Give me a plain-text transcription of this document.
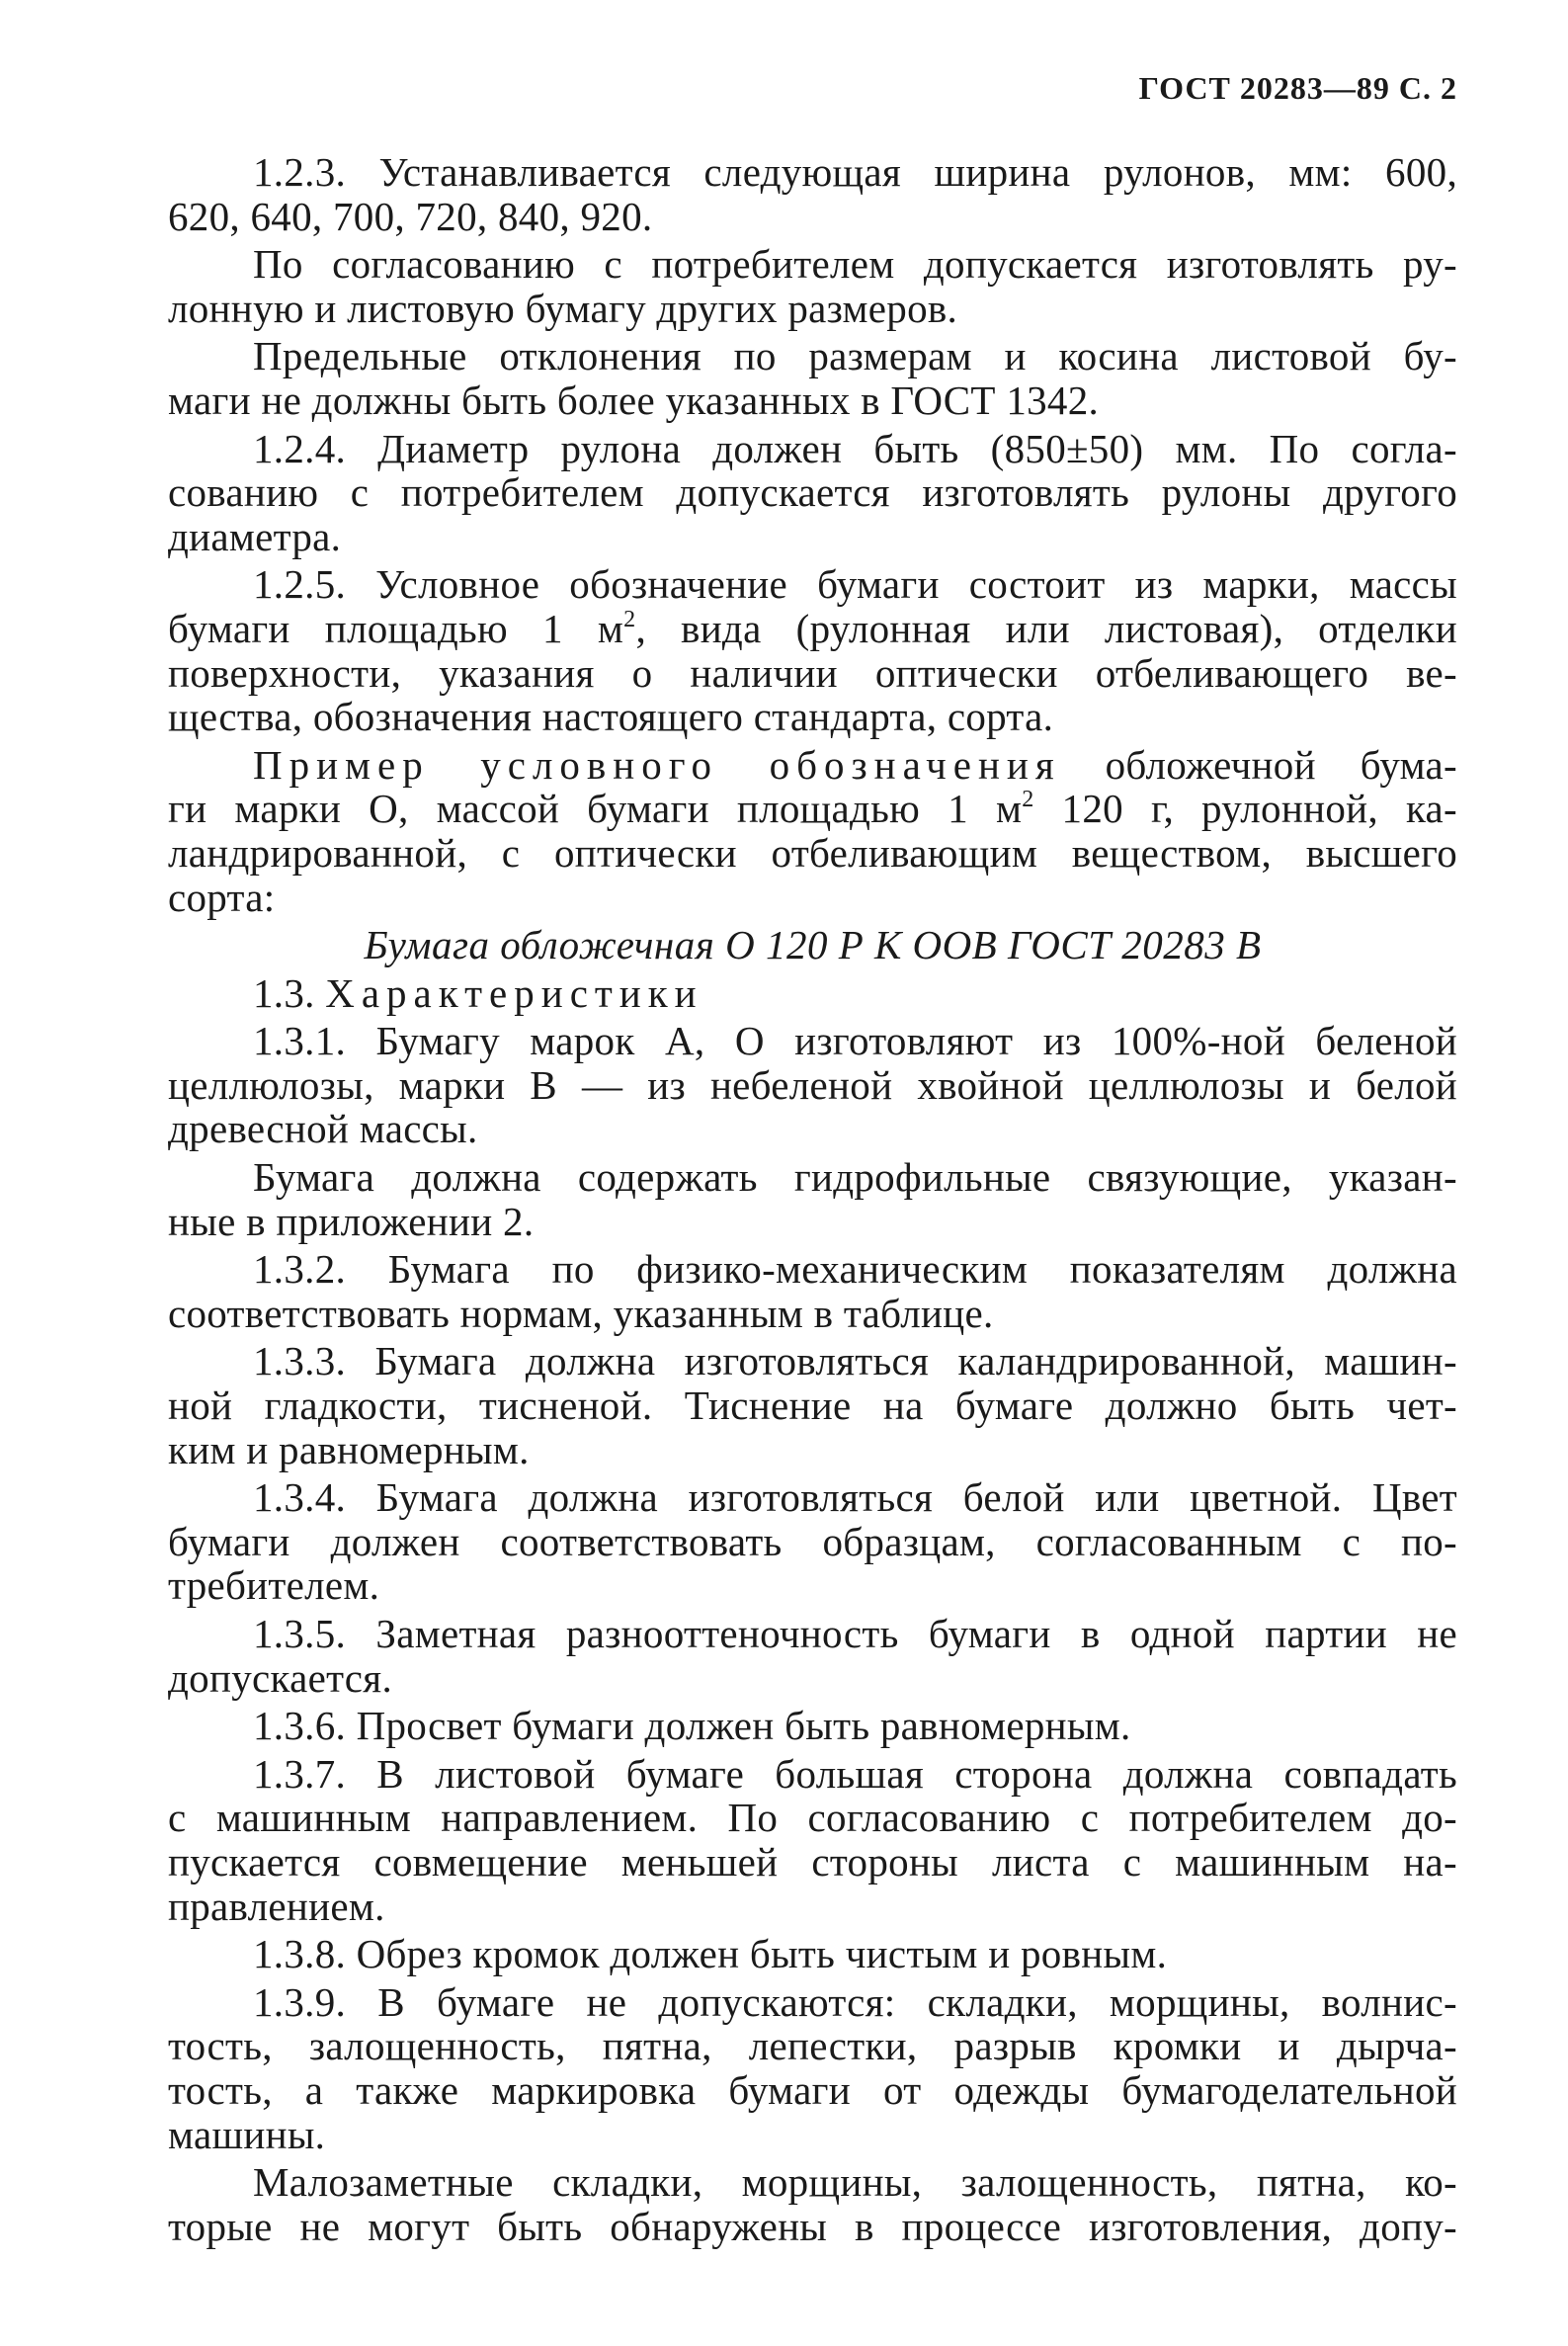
ГОСТ 20283—89 С. 2
1.2.3. Устанавливается следующая ширина рулонов, мм: 600,
620, 640, 700, 720, 840, 920.
По согласованию с потребителем допускается изготовлять ру-
лонную и листовую бумагу других размеров.
Предельные отклонения по размерам и косина листовой бу-
маги не должны быть более указанных в ГОСТ 1342.
1.2.4. Диаметр рулона должен быть (850±50) мм. По согла-
сованию с потребителем допускается изготовлять рулоны другого
диаметра.
1.2.5. Условное обозначение бумаги состоит из марки, массы
бумаги площадью 1 $м^2$, вида (рулонная или листовая), отделки
поверхности, указания о наличии оптически отбеливающего ве-
щества, обозначения настоящего стандарта, сорта.
Пример условного обозначения обложечной бума-
ги марки О, массой бумаги площадью 1 $м^2$ 120 г, рулонной, ка-
ландрированной, с оптически отбеливающим веществом, высшего
сорта:
Бумага обложечная О 120 Р К ООВ ГОСТ 20283 В
1.3. Характеристики
1.3.1. Бумагу марок А, О изготовляют из 100%-ной беленой
целлюлозы, марки В — из небеленой хвойной целлюлозы и белой
древесной массы.
Бумага должна содержать гидрофильные связующие, указан-
ные в приложении 2.
1.3.2. Бумага по физико-механическим показателям должна
соответствовать нормам, указанным в таблице.
1.3.3. Бумага должна изготовляться каландрированной, машин-
ной гладкости, тисненой. Тиснение на бумаге должно быть чет-
ким и равномерным.
1.3.4. Бумага должна изготовляться белой или цветной. Цвет
бумаги должен соответствовать образцам, согласованным с по-
требителем.
1.3.5. Заметная разнооттеночность бумаги в одной партии не
допускается.
1.3.6. Просвет бумаги должен быть равномерным.
1.3.7. В листовой бумаге большая сторона должна совпадать
с машинным направлением. По согласованию с потребителем до-
пускается совмещение меньшей стороны листа с машинным на-
правлением.
1.3.8. Обрез кромок должен быть чистым и ровным.
1.3.9. В бумаге не допускаются: складки, морщины, волнис-
тость, залощенность, пятна, лепестки, разрыв кромки и дырча-
тость, а также маркировка бумаги от одежды бумагоделательной
машины.
Малозаметные складки, морщины, залощенность, пятна, ко-
торые не могут быть обнаружены в процессе изготовления, допу-
